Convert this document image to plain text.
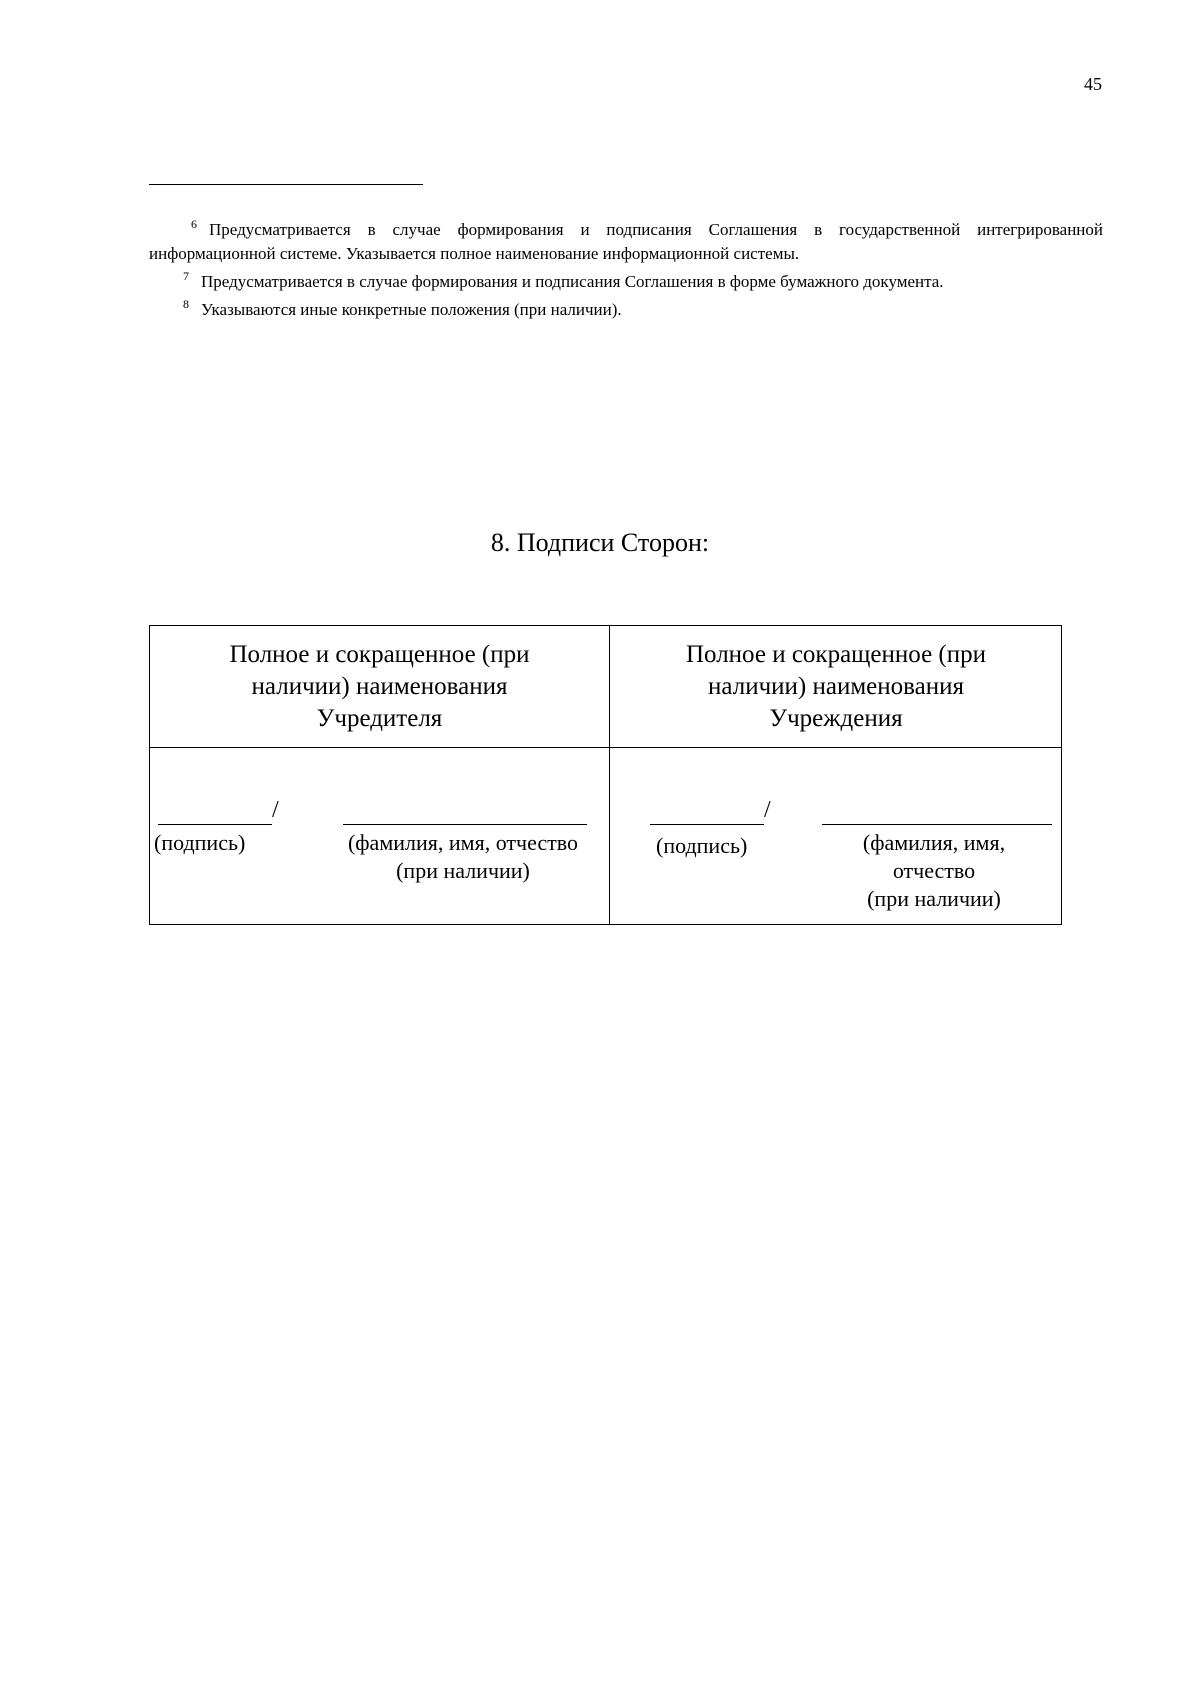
45

6 Предусматривается в случае формирования и подписания Соглашения в государственной интегрированной информационной системе. Указывается полное наименование информационной системы.

7 Предусматривается в случае формирования и подписания Соглашения в форме бумажного документа.

8 Указываются иные конкретные положения (при наличии).

8. Подписи Сторон:
Полное и сокращенное (при
наличии) наименования
Учредителя
Полное и сокращенное (при
наличии) наименования
Учреждения
/
(подпись)	(фамилия, имя, отчество
(при наличии)
/
(подпись)	(фамилия, имя,
отчество
(при наличии)
